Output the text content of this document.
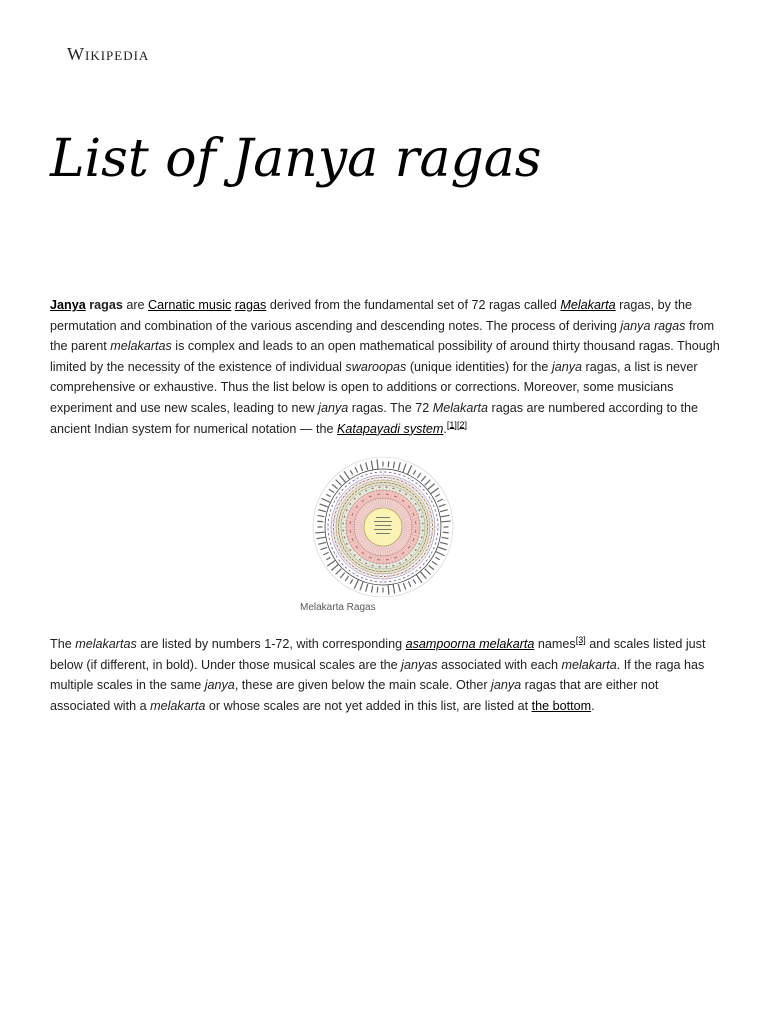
Wikipedia
List of Janya ragas

Janya ragas are Carnatic music ragas derived from the fundamental set of 72 ragas called Melakarta ragas, by the permutation and combination of the various ascending and descending notes. The process of deriving janya ragas from the parent melakartas is complex and leads to an open mathematical possibility of around thirty thousand ragas. Though limited by the necessity of the existence of individual swaroopas (unique identities) for the janya ragas, a list is never comprehensive or exhaustive. Thus the list below is open to additions or corrections. Moreover, some musicians experiment and use new scales, leading to new janya ragas. The 72 Melakarta ragas are numbered according to the ancient Indian system for numerical notation — the Katapayadi system.[1][2]

Melakarta Ragas

The melakartas are listed by numbers 1-72, with corresponding asampoorna melakarta names[3] and scales listed just below (if different, in bold). Under those musical scales are the janyas associated with each melakarta. If the raga has multiple scales in the same janya, these are given below the main scale. Other janya ragas that are either not associated with a melakarta or whose scales are not yet added in this list, are listed at the bottom.
